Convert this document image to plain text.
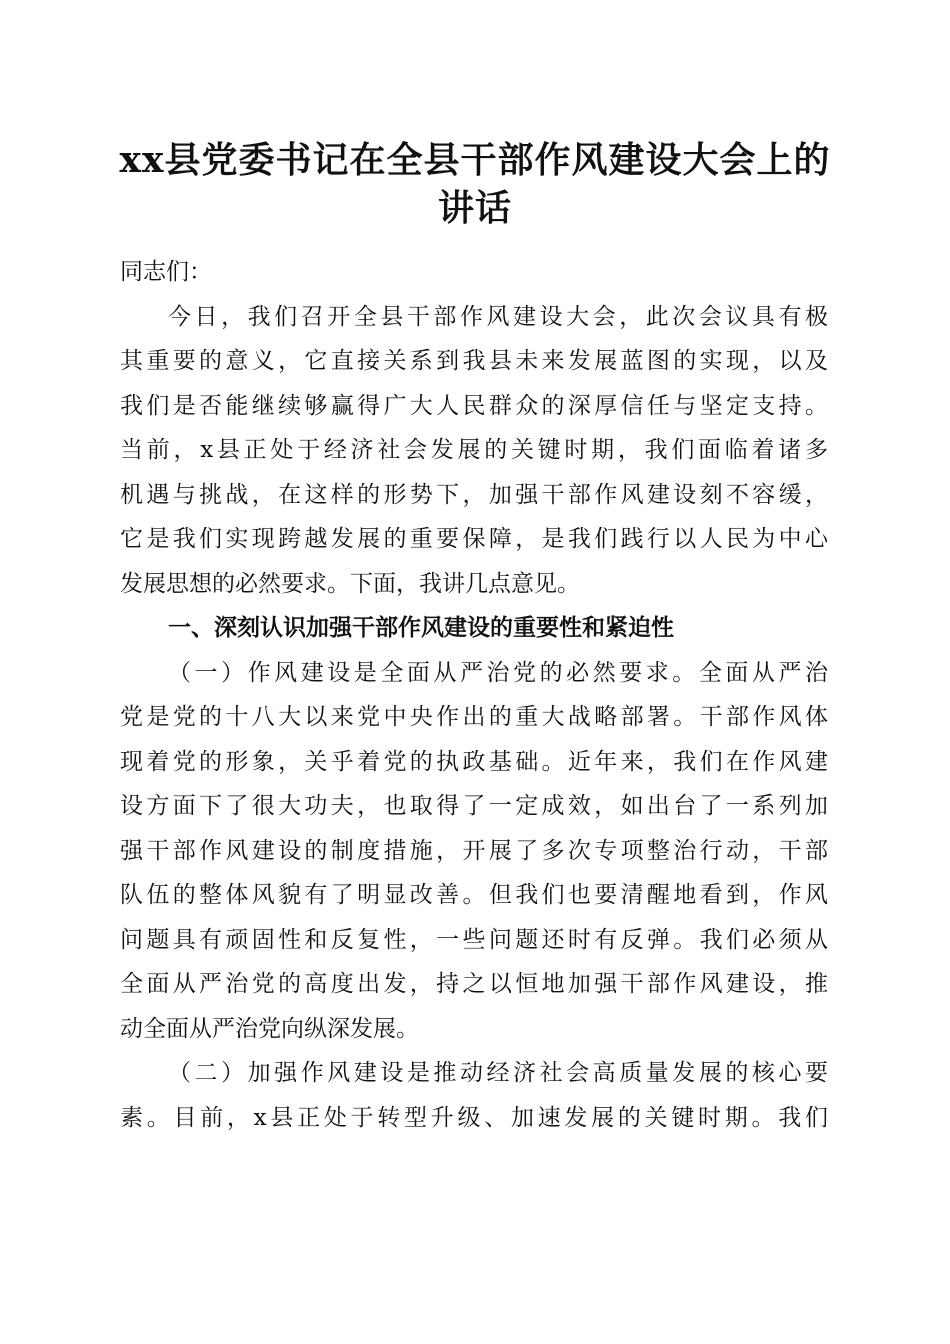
xx县党委书记在全县干部作风建设大会上的
讲话
同志们：
今日，我们召开全县干部作风建设大会，此次会议具有极
其重要的意义，它直接关系到我县未来发展蓝图的实现，以及
我们是否能继续够赢得广大人民群众的深厚信任与坚定支持。
当前，x县正处于经济社会发展的关键时期，我们面临着诸多
机遇与挑战，在这样的形势下，加强干部作风建设刻不容缓，
它是我们实现跨越发展的重要保障，是我们践行以人民为中心
发展思想的必然要求。下面，我讲几点意见。
一、深刻认识加强干部作风建设的重要性和紧迫性
（一）作风建设是全面从严治党的必然要求。全面从严治
党是党的十八大以来党中央作出的重大战略部署。干部作风体
现着党的形象，关乎着党的执政基础。近年来，我们在作风建
设方面下了很大功夫，也取得了一定成效，如出台了一系列加
强干部作风建设的制度措施，开展了多次专项整治行动，干部
队伍的整体风貌有了明显改善。但我们也要清醒地看到，作风
问题具有顽固性和反复性，一些问题还时有反弹。我们必须从
全面从严治党的高度出发，持之以恒地加强干部作风建设，推
动全面从严治党向纵深发展。
（二）加强作风建设是推动经济社会高质量发展的核心要
素。目前，x县正处于转型升级、加速发展的关键时期。我们
